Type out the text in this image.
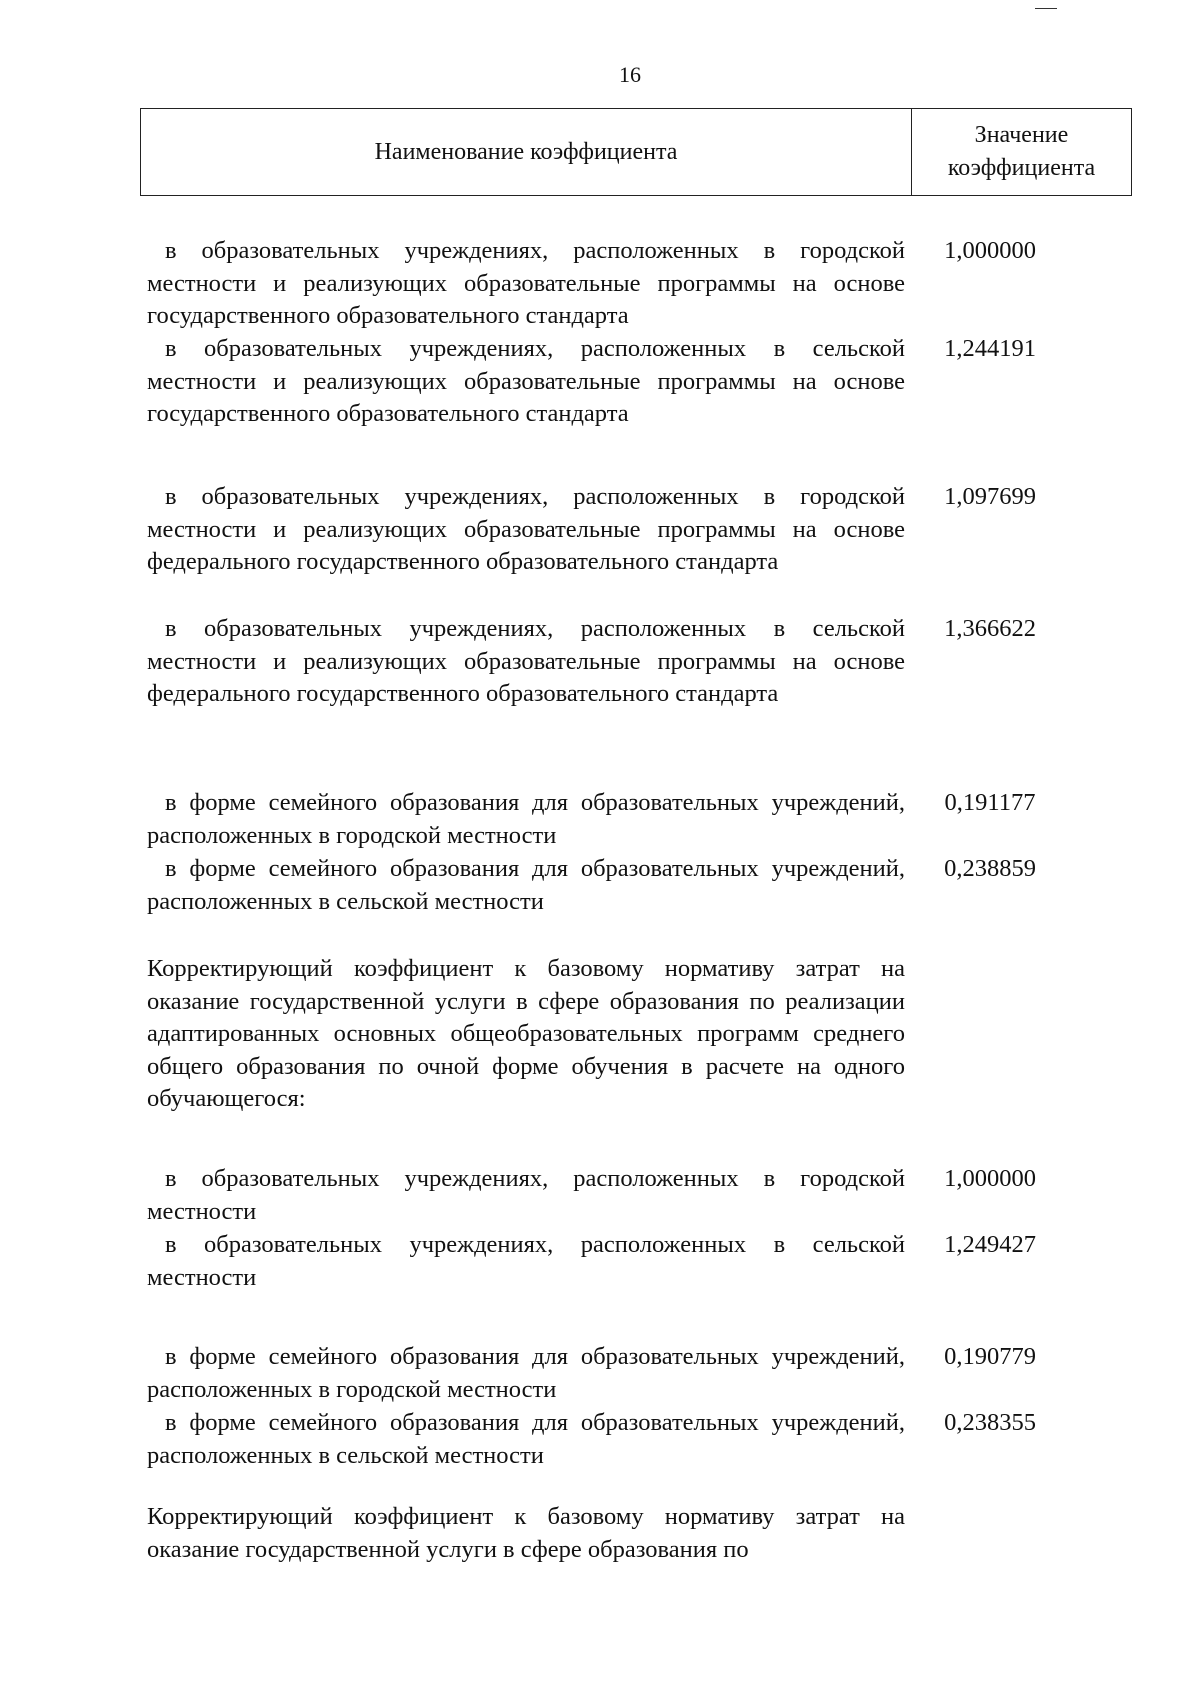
16
Наименование коэффициента
Значение
коэффициента
в образовательных учреждениях, расположенных в городской местности и реализующих образовательные программы на основе государственного образовательного стандарта
1,000000
в образовательных учреждениях, расположенных в сельской местности и реализующих образовательные программы на основе государственного образовательного стандарта
1,244191
в образовательных учреждениях, расположенных в городской местности и реализующих образовательные программы на основе федерального государственного образовательного стандарта
1,097699
в образовательных учреждениях, расположенных в сельской местности и реализующих образовательные программы на основе федерального государственного образовательного стандарта
1,366622
в форме семейного образования для образовательных учреждений, расположенных в городской местности
0,191177
в форме семейного образования для образовательных учреждений, расположенных в сельской местности
0,238859
Корректирующий коэффициент к базовому нормативу затрат на оказание государственной услуги в сфере образования по реализации адаптированных основных общеобразовательных программ среднего общего образования по очной форме обучения в расчете на одного обучающегося:
в образовательных учреждениях, расположенных в городской местности
1,000000
в образовательных учреждениях, расположенных в сельской местности
1,249427
в форме семейного образования для образовательных учреждений, расположенных в городской местности
0,190779
в форме семейного образования для образовательных учреждений, расположенных в сельской местности
0,238355
Корректирующий коэффициент к базовому нормативу затрат на оказание государственной услуги в сфере образования по
